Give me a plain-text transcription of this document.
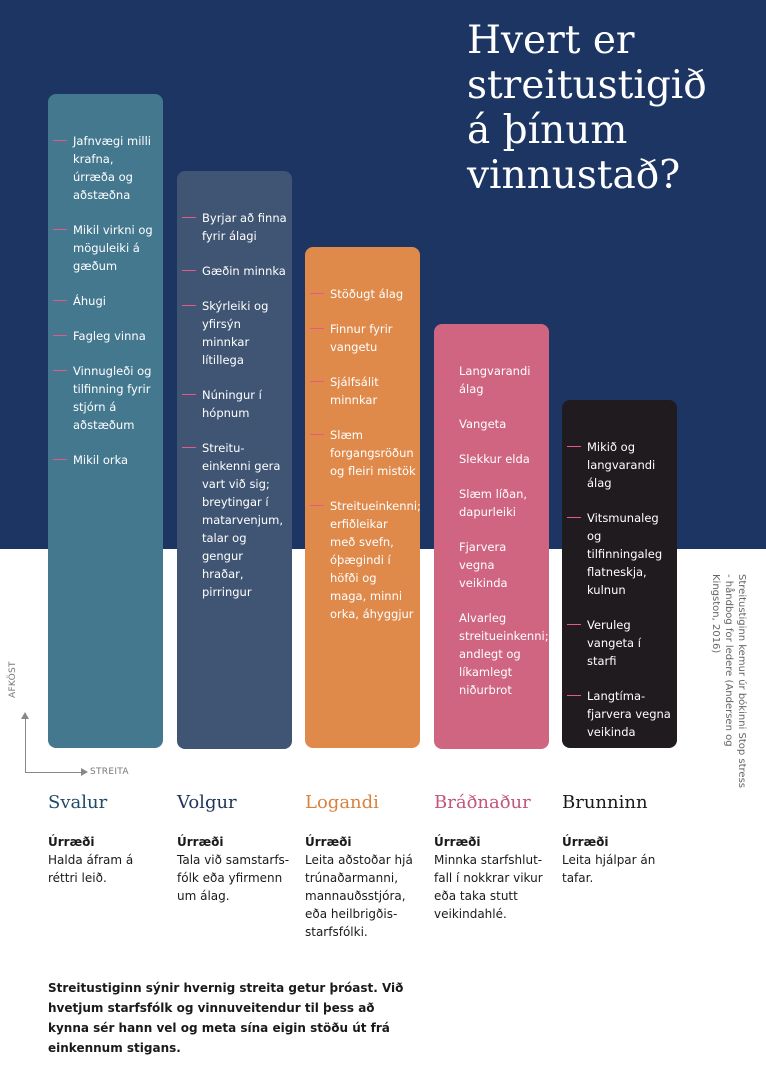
Hvert er
streitustigið
á þínum
vinnustað?
Jafnvægi milli krafna, úrræða og aðstæðna
Mikil virkni og möguleiki á gæðum
Áhugi
Fagleg vinna
Vinnugleði og tilfinning fyrir stjórn á aðstæðum
Mikil orka
Byrjar að finna fyrir álagi
Gæðin minnka
Skýrleiki og yfirsýn minnkar lítillega
Núningur í hópnum
Streitu-einkenni gera vart við sig; breytingar í matarvenjum, talar og gengur hraðar, pirringur
Stöðugt álag
Finnur fyrir vangetu
Sjálfsálit minnkar
Slæm forgangsröðun og fleiri mistök
Streitueinkenni; erfiðleikar með svefn, óþægindi í höfði og maga, minni orka, áhyggjur
Langvarandi álag
Vangeta
Slekkur elda
Slæm líðan, dapurleiki
Fjarvera vegna veikinda
Alvarleg streitueinkenni; andlegt og líkamlegt niðurbrot
Mikið og langvarandi álag
Vitsmunaleg og tilfinningaleg flatneskja, kulnun
Veruleg vangeta í starfi
Langtíma-fjarvera vegna veikinda
STREITA
AFKÖST
Svalur
Úrræði
Halda áfram á réttri leið.
Volgur
Úrræði
Tala við samstarfs-fólk eða yfirmenn um álag.
Logandi
Úrræði
Leita aðstoðar hjá trúnaðarmanni, mannauðsstjóra, eða heilbrigðis-starfsfólki.
Bráðnaður
Úrræði
Minnka starfshlut-fall í nokkrar vikur eða taka stutt veikindahlé.
Brunninn
Úrræði
Leita hjálpar án tafar.

Streitustiginn sýnir hvernig streita getur þróast. Við hvetjum starfsfólk og vinnuveitendur til þess að kynna sér hann vel og meta sína eigin stöðu út frá einkennum stigans.

Streitustiginn kemur úr bókinni Stop stress - håndbog for ledere (Andersen og Kingston, 2016)
